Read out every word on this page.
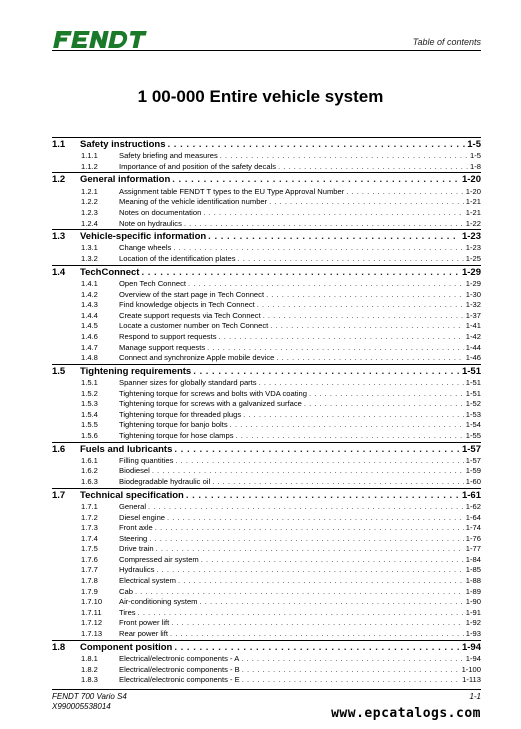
Table of contents
1 00-000 Entire vehicle system
1.1	Safety instructions . . .	1-5
1.1.1	Safety briefing and measures . . .	1-5
1.1.2	Importance of and position of the safety decals . . .	1-8
1.2	General information . . .	1-20
1.2.1	Assignment table FENDT T types to the EU Type Approval Number . . .	1-20
1.2.2	Meaning of the vehicle identification number . . .	1-21
1.2.3	Notes on documentation . . .	1-21
1.2.4	Note on hydraulics . . .	1-22
1.3	Vehicle-specific information . . .	1-23
1.3.1	Change wheels . . .	1-23
1.3.2	Location of the identification plates . . .	1-25
1.4	TechConnect . . .	1-29
1.4.1	Open Tech Connect . . .	1-29
1.4.2	Overview of the start page in Tech Connect . . .	1-30
1.4.3	Find knowledge objects in Tech Connect . . .	1-32
1.4.4	Create support requests via Tech Connect . . .	1-37
1.4.5	Locate a customer number on Tech Connect . . .	1-41
1.4.6	Respond to support requests . . .	1-42
1.4.7	Manage support requests . . .	1-44
1.4.8	Connect and synchronize Apple mobile device . . .	1-46
1.5	Tightening requirements . . .	1-51
1.5.1	Spanner sizes for globally standard parts . . .	1-51
1.5.2	Tightening torque for screws and bolts with VDA coating . . .	1-51
1.5.3	Tightening torque for screws with a galvanized surface . . .	1-52
1.5.4	Tightening torque for threaded plugs . . .	1-53
1.5.5	Tightening torque for banjo bolts . . .	1-54
1.5.6	Tightening torque for hose clamps . . .	1-55
1.6	Fuels and lubricants . . .	1-57
1.6.1	Filling quantities . . .	1-57
1.6.2	Biodiesel . . .	1-59
1.6.3	Biodegradable hydraulic oil . . .	1-60
1.7	Technical specification . . .	1-61
1.7.1	General . . .	1-62
1.7.2	Diesel engine . . .	1-64
1.7.3	Front axle . . .	1-74
1.7.4	Steering . . .	1-76
1.7.5	Drive train . . .	1-77
1.7.6	Compressed air system . . .	1-84
1.7.7	Hydraulics . . .	1-85
1.7.8	Electrical system . . .	1-88
1.7.9	Cab . . .	1-89
1.7.10	Air-conditioning system . . .	1-90
1.7.11	Tires . . .	1-91
1.7.12	Front power lift . . .	1-92
1.7.13	Rear power lift . . .	1-93
1.8	Component position . . .	1-94
1.8.1	Electrical/electronic components - A . . .	1-94
1.8.2	Electrical/electronic components - B . . .	1-100
1.8.3	Electrical/electronic components - E . . .	1-113
FENDT 700 Vario S4
X990005538014
1-1
www.epcatalogs.com
